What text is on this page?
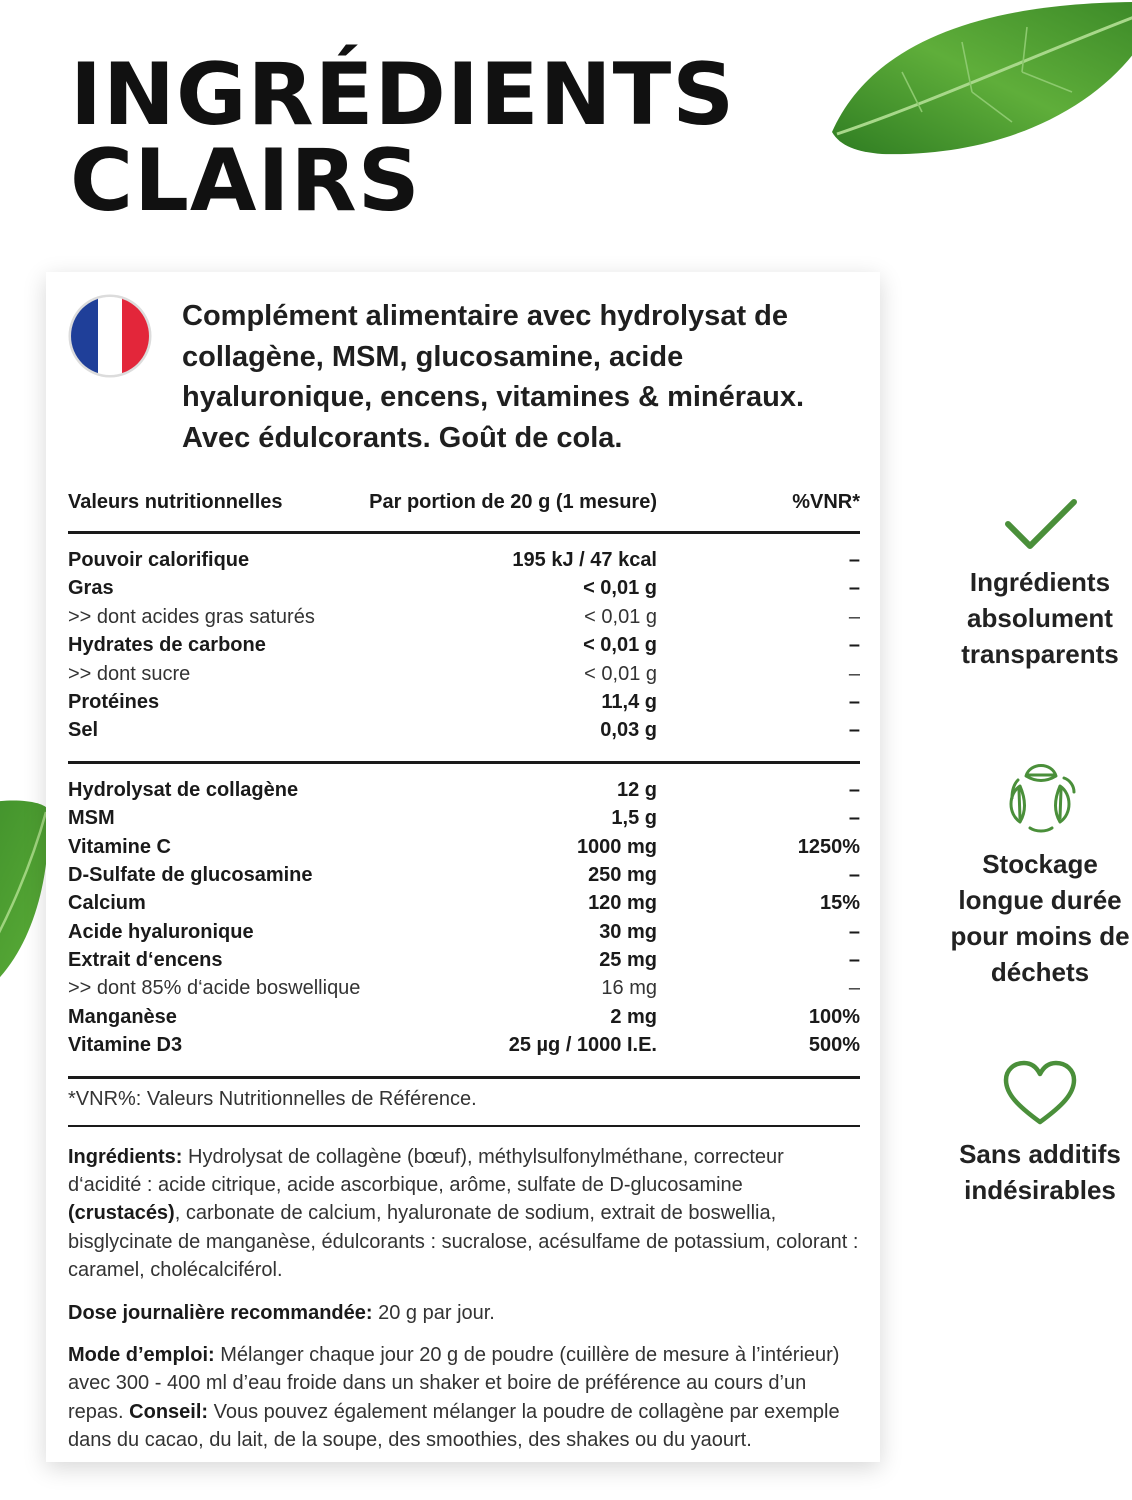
INGRÉDIENTS
CLAIRS

Complément alimentaire avec hydrolysat de collagène, MSM, glucosamine, acide hyaluronique, encens, vitamines & minéraux. Avec édulcorants. Goût de cola.

Valeurs nutritionnelles	Par portion de 20 g (1 mesure)	%VNR*
Pouvoir calorifique	195 kJ / 47 kcal	–
Gras	< 0,01 g	–
>> dont acides gras saturés	< 0,01 g	–
Hydrates de carbone	< 0,01 g	–
>> dont sucre	< 0,01 g	–
Protéines	11,4 g	–
Sel	0,03 g	–
Hydrolysat de collagène	12 g	–
MSM	1,5 g	–
Vitamine C	1000 mg	1250%
D-Sulfate de glucosamine	250 mg	–
Calcium	120 mg	15%
Acide hyaluronique	30 mg	–
Extrait d‘encens	25 mg	–
>> dont 85% d‘acide boswellique	16 mg	–
Manganèse	2 mg	100%
Vitamine D3	25 µg / 1000 I.E.	500%
*VNR%: Valeurs Nutritionnelles de Référence.

Ingrédients: Hydrolysat de collagène (bœuf), méthylsulfonylméthane, correcteur d‘acidité : acide citrique, acide ascorbique, arôme, sulfate de D-glucosamine (crustacés), carbonate de calcium, hyaluronate de sodium, extrait de boswellia, bisglycinate de manganèse, édulcorants : sucralose, acésulfame de potassium, colorant : caramel, cholécalciférol.

Dose journalière recommandée: 20 g par jour.

Mode d’emploi: Mélanger chaque jour 20 g de poudre (cuillère de mesure à l’intérieur) avec 300 - 400 ml d’eau froide dans un shaker et boire de préférence au cours d’un repas. Conseil: Vous pouvez également mélanger la poudre de collagène par exemple dans du cacao, du lait, de la soupe, des smoothies, des shakes ou du yaourt.

Ingrédients absolument transparents
Stockage longue durée pour moins de déchets
Sans additifs indésirables
